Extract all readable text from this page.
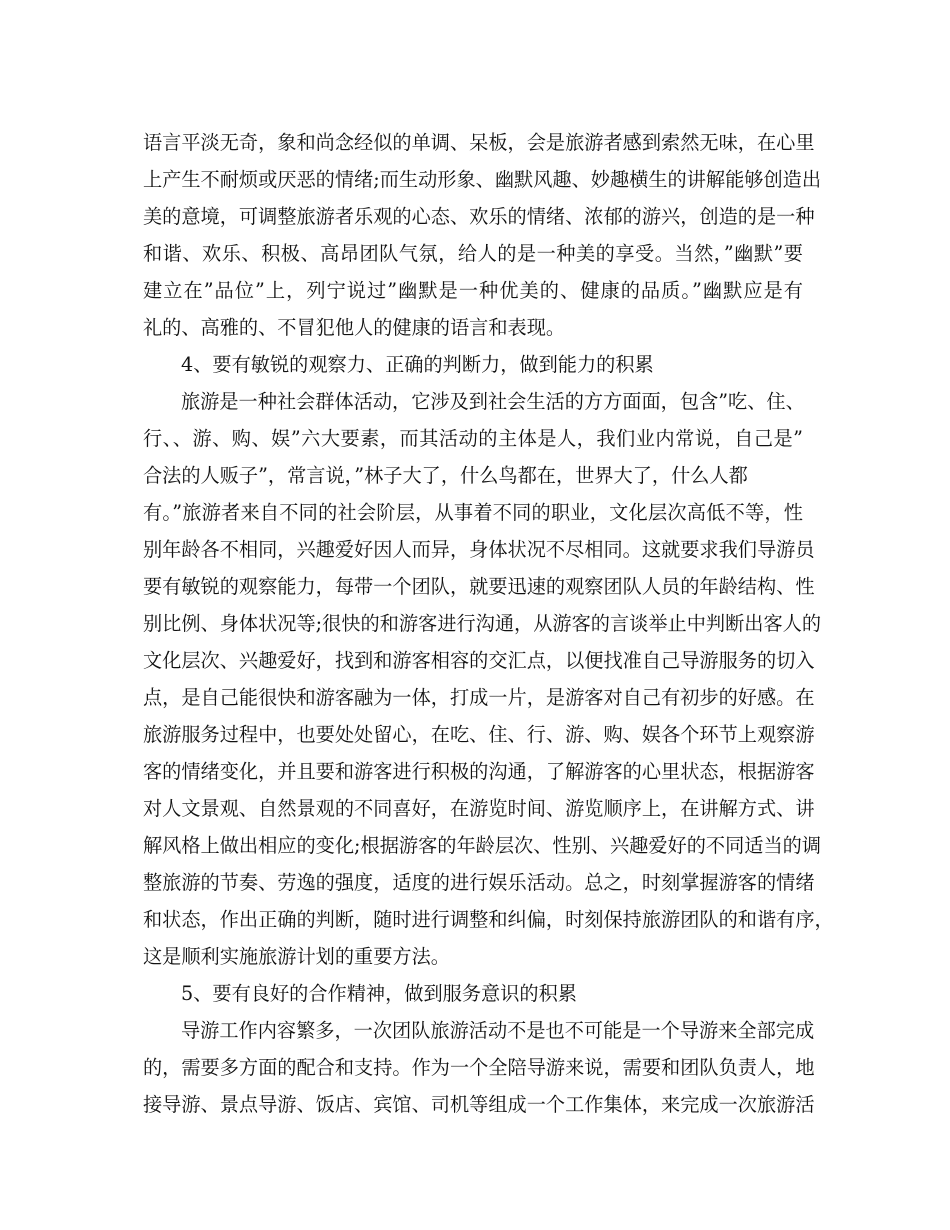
语言平淡无奇，象和尚念经似的单调、呆板，会是旅游者感到索然无味，在心里
上产生不耐烦或厌恶的情绪;而生动形象、幽默风趣、妙趣横生的讲解能够创造出
美的意境，可调整旅游者乐观的心态、欢乐的情绪、浓郁的游兴，创造的是一种
和谐、欢乐、积极、高昂团队气氛，给人的是一种美的享受。当然，”幽默”要
建立在”品位”上，列宁说过”幽默是一种优美的、健康的品质。”幽默应是有
礼的、高雅的、不冒犯他人的健康的语言和表现。
4、要有敏锐的观察力、正确的判断力，做到能力的积累
旅游是一种社会群体活动，它涉及到社会生活的方方面面，包含”吃、住、
行、、游、购、娱”六大要素，而其活动的主体是人，我们业内常说，自己是”
合法的人贩子”，常言说，”林子大了，什么鸟都在，世界大了，什么人都
有。”旅游者来自不同的社会阶层，从事着不同的职业，文化层次高低不等，性
别年龄各不相同，兴趣爱好因人而异，身体状况不尽相同。这就要求我们导游员
要有敏锐的观察能力，每带一个团队，就要迅速的观察团队人员的年龄结构、性
别比例、身体状况等;很快的和游客进行沟通，从游客的言谈举止中判断出客人的
文化层次、兴趣爱好，找到和游客相容的交汇点，以便找准自己导游服务的切入
点，是自己能很快和游客融为一体，打成一片，是游客对自己有初步的好感。在
旅游服务过程中，也要处处留心，在吃、住、行、游、购、娱各个环节上观察游
客的情绪变化，并且要和游客进行积极的沟通，了解游客的心里状态，根据游客
对人文景观、自然景观的不同喜好，在游览时间、游览顺序上，在讲解方式、讲
解风格上做出相应的变化;根据游客的年龄层次、性别、兴趣爱好的不同适当的调
整旅游的节奏、劳逸的强度，适度的进行娱乐活动。总之，时刻掌握游客的情绪
和状态，作出正确的判断，随时进行调整和纠偏，时刻保持旅游团队的和谐有序，
这是顺利实施旅游计划的重要方法。
5、要有良好的合作精神，做到服务意识的积累
导游工作内容繁多，一次团队旅游活动不是也不可能是一个导游来全部完成
的，需要多方面的配合和支持。作为一个全陪导游来说，需要和团队负责人，地
接导游、景点导游、饭店、宾馆、司机等组成一个工作集体，来完成一次旅游活
